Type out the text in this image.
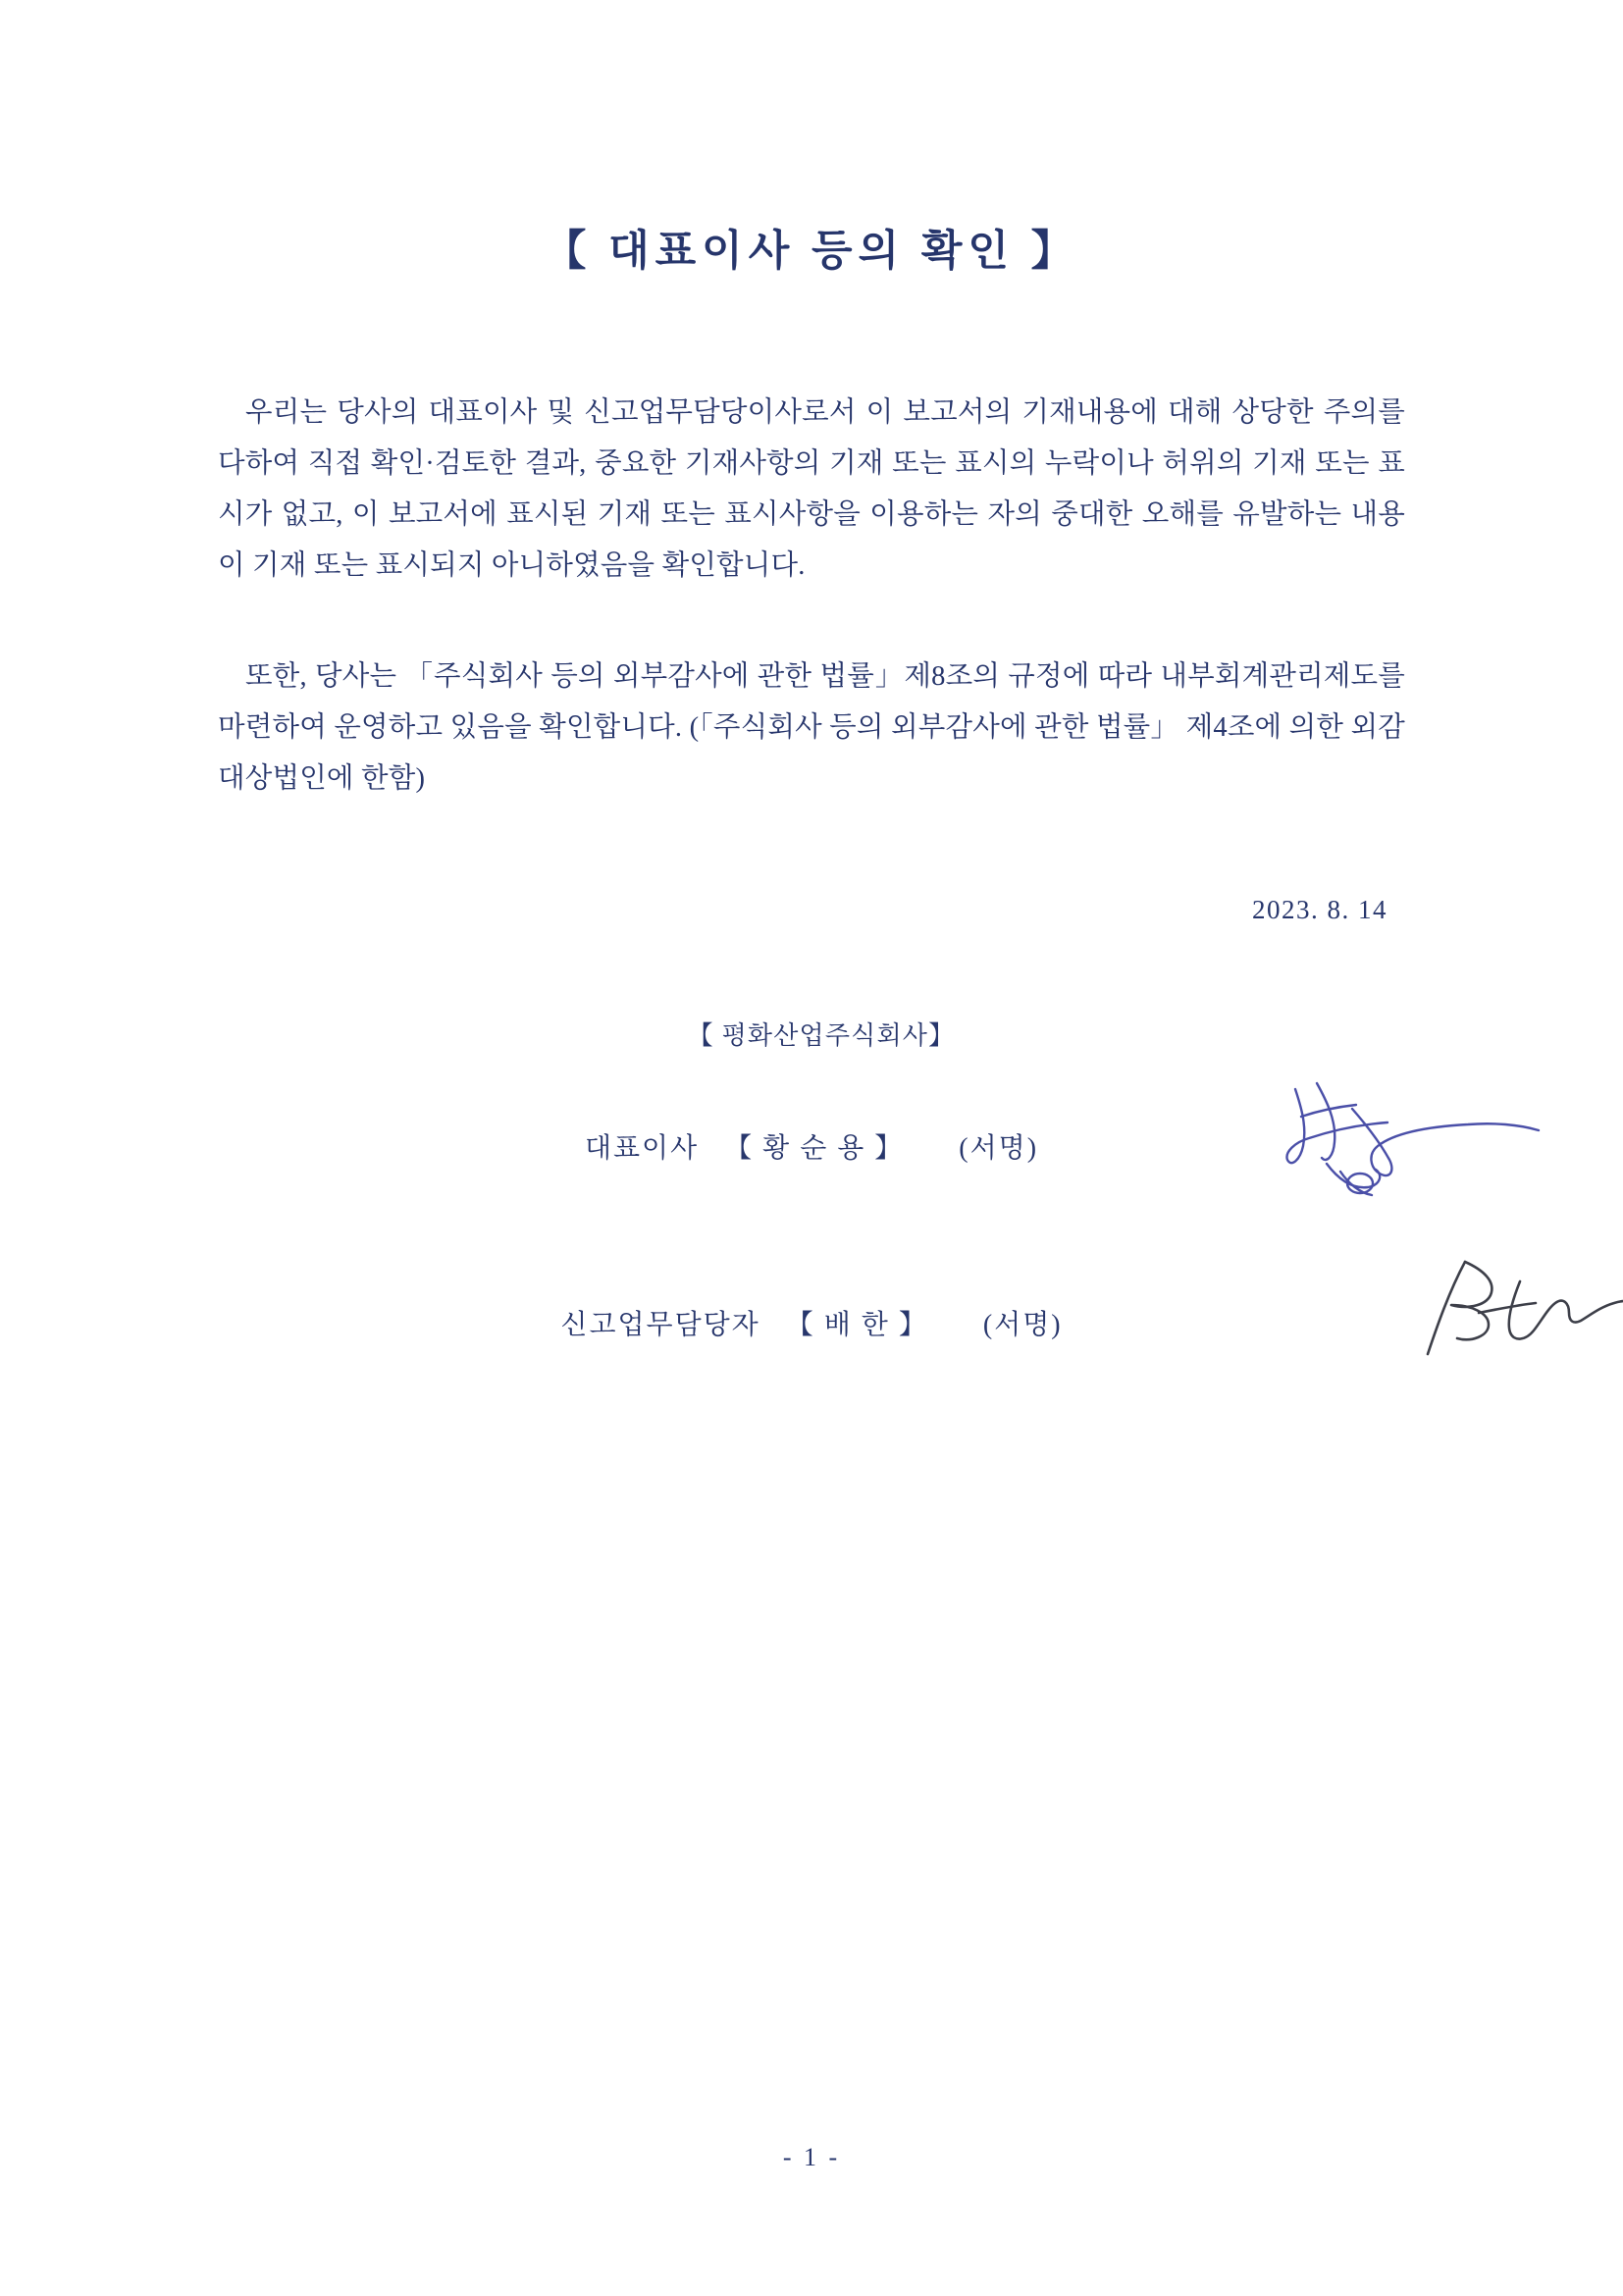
【 대표이사 등의 확인 】

우리는 당사의 대표이사 및 신고업무담당이사로서 이 보고서의 기재내용에 대해 상당한 주의를 다하여 직접 확인·검토한 결과, 중요한 기재사항의 기재 또는 표시의 누락이나 허위의 기재 또는 표시가 없고, 이 보고서에 표시된 기재 또는 표시사항을 이용하는 자의 중대한 오해를 유발하는 내용이 기재 또는 표시되지 아니하였음을 확인합니다.

또한, 당사는 「주식회사 등의 외부감사에 관한 법률」제8조의 규정에 따라 내부회계관리제도를 마련하여 운영하고 있음을 확인합니다. (「주식회사 등의 외부감사에 관한 법률」 제4조에 의한 외감대상법인에 한함)

2023. 8. 14
【 평화산업주식회사】
대표이사 【 황 순 용 】 (서명)
신고업무담당자 【 배 한 】 (서명)
- 1 -
